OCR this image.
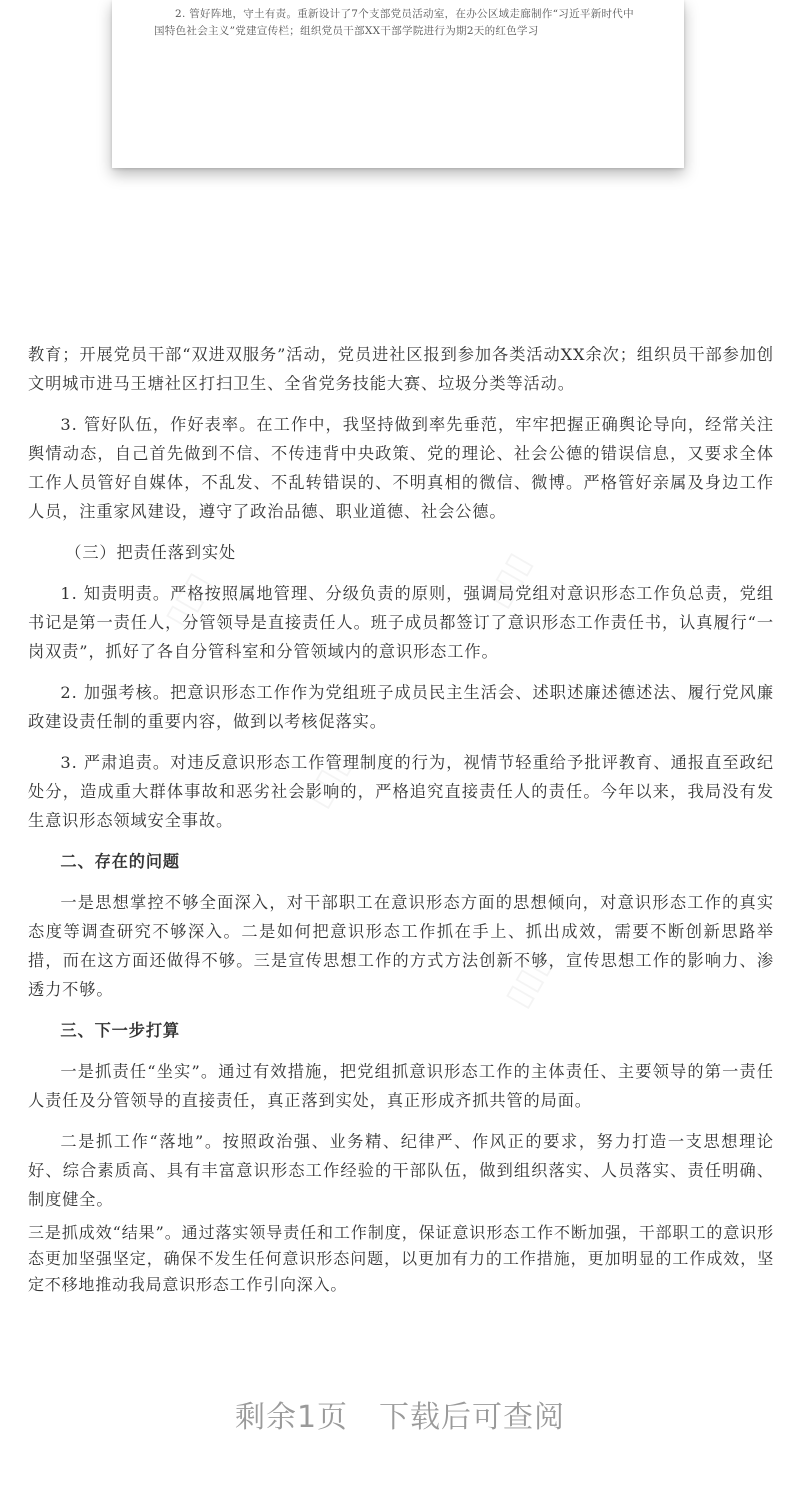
2. 管好阵地，守土有责。重新设计了7个支部党员活动室，在办公区域走廊制作“习近平新时代中国特色社会主义”党建宣传栏；组织党员干部XX干部学院进行为期2天的红色学习

教育；开展党员干部“双进双服务”活动，党员进社区报到参加各类活动XX余次；组织员干部参加创文明城市进马王塘社区打扫卫生、全省党务技能大赛、垃圾分类等活动。

3. 管好队伍，作好表率。在工作中，我坚持做到率先垂范，牢牢把握正确舆论导向，经常关注舆情动态，自己首先做到不信、不传违背中央政策、党的理论、社会公德的错误信息，又要求全体工作人员管好自媒体，不乱发、不乱转错误的、不明真相的微信、微博。严格管好亲属及身边工作人员，注重家风建设，遵守了政治品德、职业道德、社会公德。

（三）把责任落到实处

1. 知责明责。严格按照属地管理、分级负责的原则，强调局党组对意识形态工作负总责，党组书记是第一责任人，分管领导是直接责任人。班子成员都签订了意识形态工作责任书，认真履行“一岗双责”，抓好了各自分管科室和分管领域内的意识形态工作。

2. 加强考核。把意识形态工作作为党组班子成员民主生活会、述职述廉述德述法、履行党风廉政建设责任制的重要内容，做到以考核促落实。

3. 严肃追责。对违反意识形态工作管理制度的行为，视情节轻重给予批评教育、通报直至政纪处分，造成重大群体事故和恶劣社会影响的，严格追究直接责任人的责任。今年以来，我局没有发生意识形态领域安全事故。

二、存在的问题

一是思想掌控不够全面深入，对干部职工在意识形态方面的思想倾向，对意识形态工作的真实态度等调查研究不够深入。二是如何把意识形态工作抓在手上、抓出成效，需要不断创新思路举措，而在这方面还做得不够。三是宣传思想工作的方式方法创新不够，宣传思想工作的影响力、渗透力不够。

三、下一步打算

一是抓责任“坐实”。通过有效措施，把党组抓意识形态工作的主体责任、主要领导的第一责任人责任及分管领导的直接责任，真正落到实处，真正形成齐抓共管的局面。

二是抓工作“落地”。按照政治强、业务精、纪律严、作风正的要求，努力打造一支思想理论好、综合素质高、具有丰富意识形态工作经验的干部队伍，做到组织落实、人员落实、责任明确、制度健全。

三是抓成效“结果”。通过落实领导责任和工作制度，保证意识形态工作不断加强，干部职工的意识形态更加坚强坚定，确保不发生任何意识形态问题，以更加有力的工作措施，更加明显的工作成效，坚定不移地推动我局意识形态工作引向深入。

剩余1页　下载后可查阅
